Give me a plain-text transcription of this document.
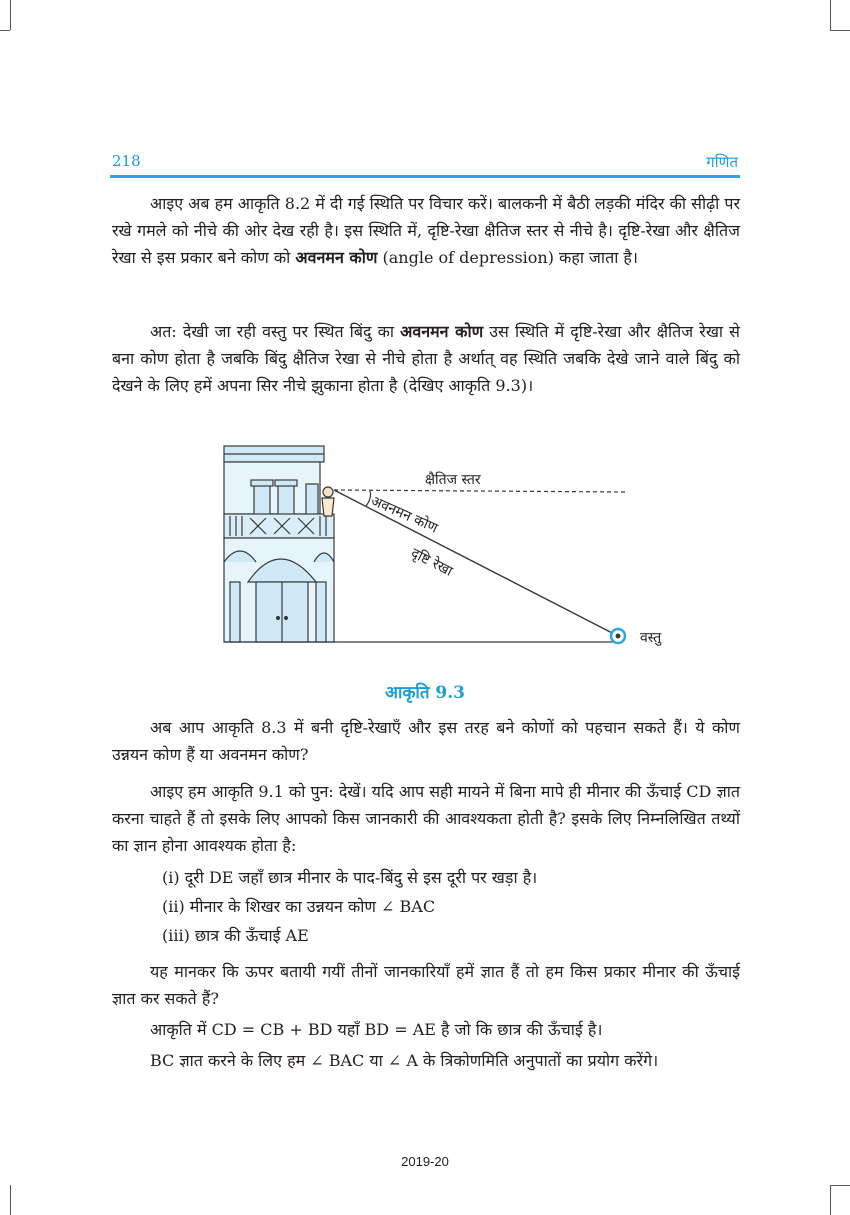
218	गणित

आइए अब हम आकृति 8.2 में दी गई स्थिति पर विचार करें। बालकनी में बैठी लड़की मंदिर की सीढ़ी पर रखे गमले को नीचे की ओर देख रही है। इस स्थिति में, दृष्टि-रेखा क्षैतिज स्तर से नीचे है। दृष्टि-रेखा और क्षैतिज रेखा से इस प्रकार बने कोण को अवनमन कोण (angle of depression) कहा जाता है।

अत: देखी जा रही वस्तु पर स्थित बिंदु का अवनमन कोण उस स्थिति में दृष्टि-रेखा और क्षैतिज रेखा से बना कोण होता है जबकि बिंदु क्षैतिज रेखा से नीचे होता है अर्थात् वह स्थिति जबकि देखे जाने वाले बिंदु को देखने के लिए हमें अपना सिर नीचे झुकाना होता है (देखिए आकृति 9.3)।

क्षैतिज स्तर
अवनमन कोण
दृष्टि रेखा
वस्तु
आकृति 9.3

अब आप आकृति 8.3 में बनी दृष्टि-रेखाएँ और इस तरह बने कोणों को पहचान सकते हैं। ये कोण उन्नयन कोण हैं या अवनमन कोण?

आइए हम आकृति 9.1 को पुन: देखें। यदि आप सही मायने में बिना मापे ही मीनार की ऊँचाई CD ज्ञात करना चाहते हैं तो इसके लिए आपको किस जानकारी की आवश्यकता होती है? इसके लिए निम्नलिखित तथ्यों का ज्ञान होना आवश्यक होता है:

(i) दूरी DE जहाँ छात्र मीनार के पाद-बिंदु से इस दूरी पर खड़ा है।
(ii) मीनार के शिखर का उन्नयन कोण ∠ BAC
(iii) छात्र की ऊँचाई AE

यह मानकर कि ऊपर बतायी गयीं तीनों जानकारियाँ हमें ज्ञात हैं तो हम किस प्रकार मीनार की ऊँचाई ज्ञात कर सकते हैं?

आकृति में CD = CB + BD यहाँ BD = AE है जो कि छात्र की ऊँचाई है।

BC ज्ञात करने के लिए हम ∠ BAC या ∠ A के त्रिकोणमिति अनुपातों का प्रयोग करेंगे।

2019-20
